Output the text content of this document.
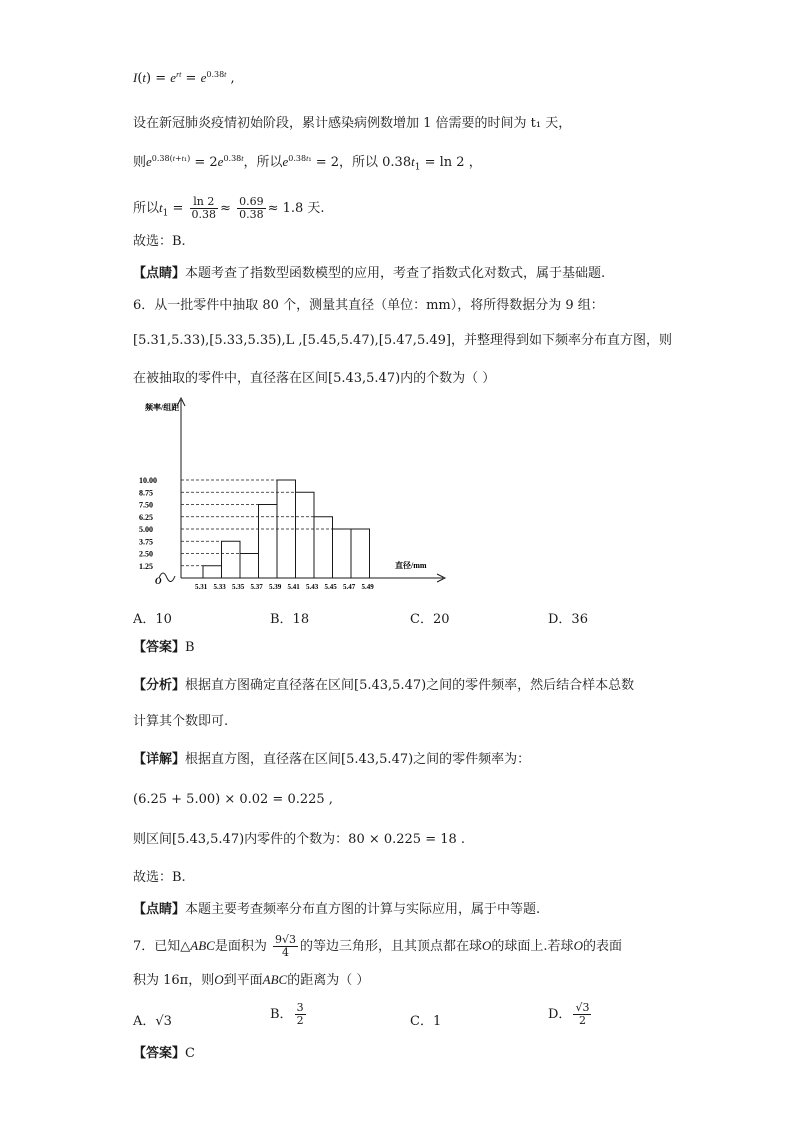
$I(t) = e^{rt} = e^{0.38t}$ ,
设在新冠肺炎疫情初始阶段，累计感染病例数增加 1 倍需要的时间为 t₁ 天，
则$e^{0.38(t+t_1)} = 2e^{0.38t}$，所以$e^{0.38t_1} = 2$，所以 $0.38t_1 = \ln 2$ ，
所以$t_1 = \frac{\ln 2}{0.38} \approx \frac{0.69}{0.38} \approx 1.8$ 天.
故选：B.
【点睛】本题考查了指数型函数模型的应用，考查了指数式化对数式，属于基础题.
6．从一批零件中抽取 80 个，测量其直径（单位：mm），将所得数据分为 9 组：
[5.31,5.33),[5.33,5.35),L ,[5.45,5.47),[5.47,5.49]，并整理得到如下频率分布直方图，则
在被抽取的零件中，直径落在区间[5.43,5.47)内的个数为（ ）
频率/组距
直径/mm
O
10.00
8.75
7.50
6.25
5.00
3.75
2.50
1.25
5.31 5.33 5.35 5.37 5.39 5.41 5.43 5.45 5.47 5.49
A．10	B．18	C．20	D．36
【答案】B
【分析】根据直方图确定直径落在区间[5.43,5.47)之间的零件频率，然后结合样本总数
计算其个数即可.
【详解】根据直方图，直径落在区间[5.43,5.47)之间的零件频率为：
(6.25 + 5.00) × 0.02 = 0.225 ,
则区间[5.43,5.47)内零件的个数为：80 × 0.225 = 18 .
故选：B.
【点睛】本题主要考查频率分布直方图的计算与实际应用，属于中等题.
7．已知△ABC是面积为 $\frac{9√3}{4}$ 的等边三角形，且其顶点都在球O的球面上.若球O的表面
积为 16π，则O到平面ABC的距离为（ ）
A．√3	B． $\frac{3}{2}$	C．1	D． $\frac{√3}{2}$
【答案】C
